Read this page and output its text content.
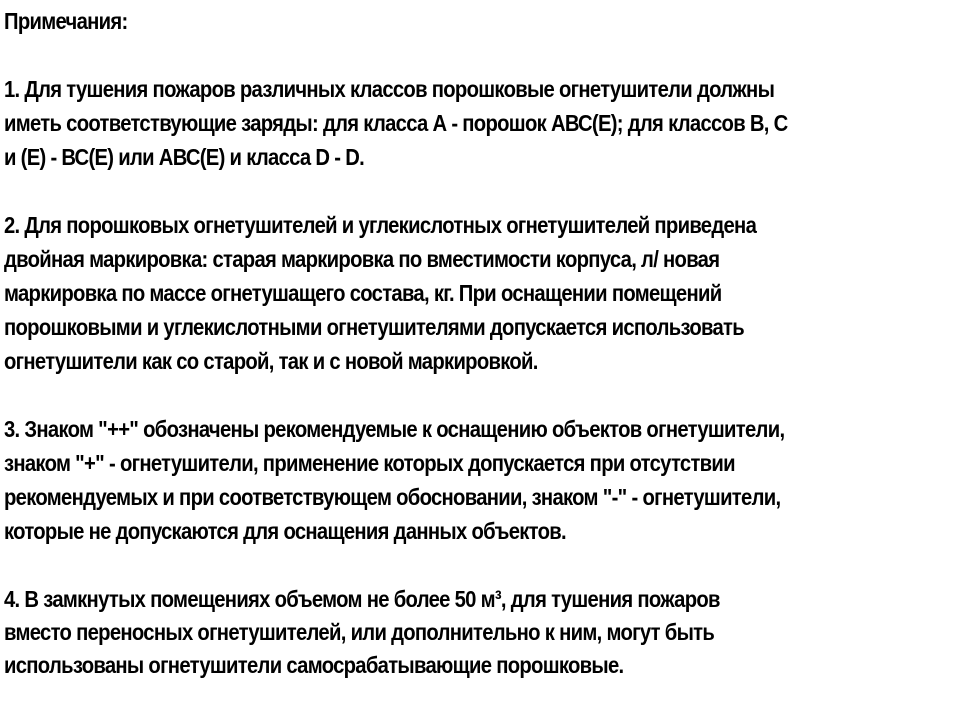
Примечания:
1. Для тушения пожаров различных классов порошковые огнетушители должны
иметь соответствующие заряды: для класса А - порошок АВС(Е); для классов В, С
и (Е) - ВС(Е) или АВС(Е) и класса D - D.
2. Для порошковых огнетушителей и углекислотных огнетушителей приведена
двойная маркировка: старая маркировка по вместимости корпуса, л/ новая
маркировка по массе огнетушащего состава, кг. При оснащении помещений
порошковыми и углекислотными огнетушителями допускается использовать
огнетушители как со старой, так и с новой маркировкой.
3. Знаком "++" обозначены рекомендуемые к оснащению объектов огнетушители,
знаком "+" - огнетушители, применение которых допускается при отсутствии
рекомендуемых и при соответствующем обосновании, знаком "-" - огнетушители,
которые не допускаются для оснащения данных объектов.
4. В замкнутых помещениях объемом не более 50 м³, для тушения пожаров
вместо переносных огнетушителей, или дополнительно к ним, могут быть
использованы огнетушители самосрабатывающие порошковые.
